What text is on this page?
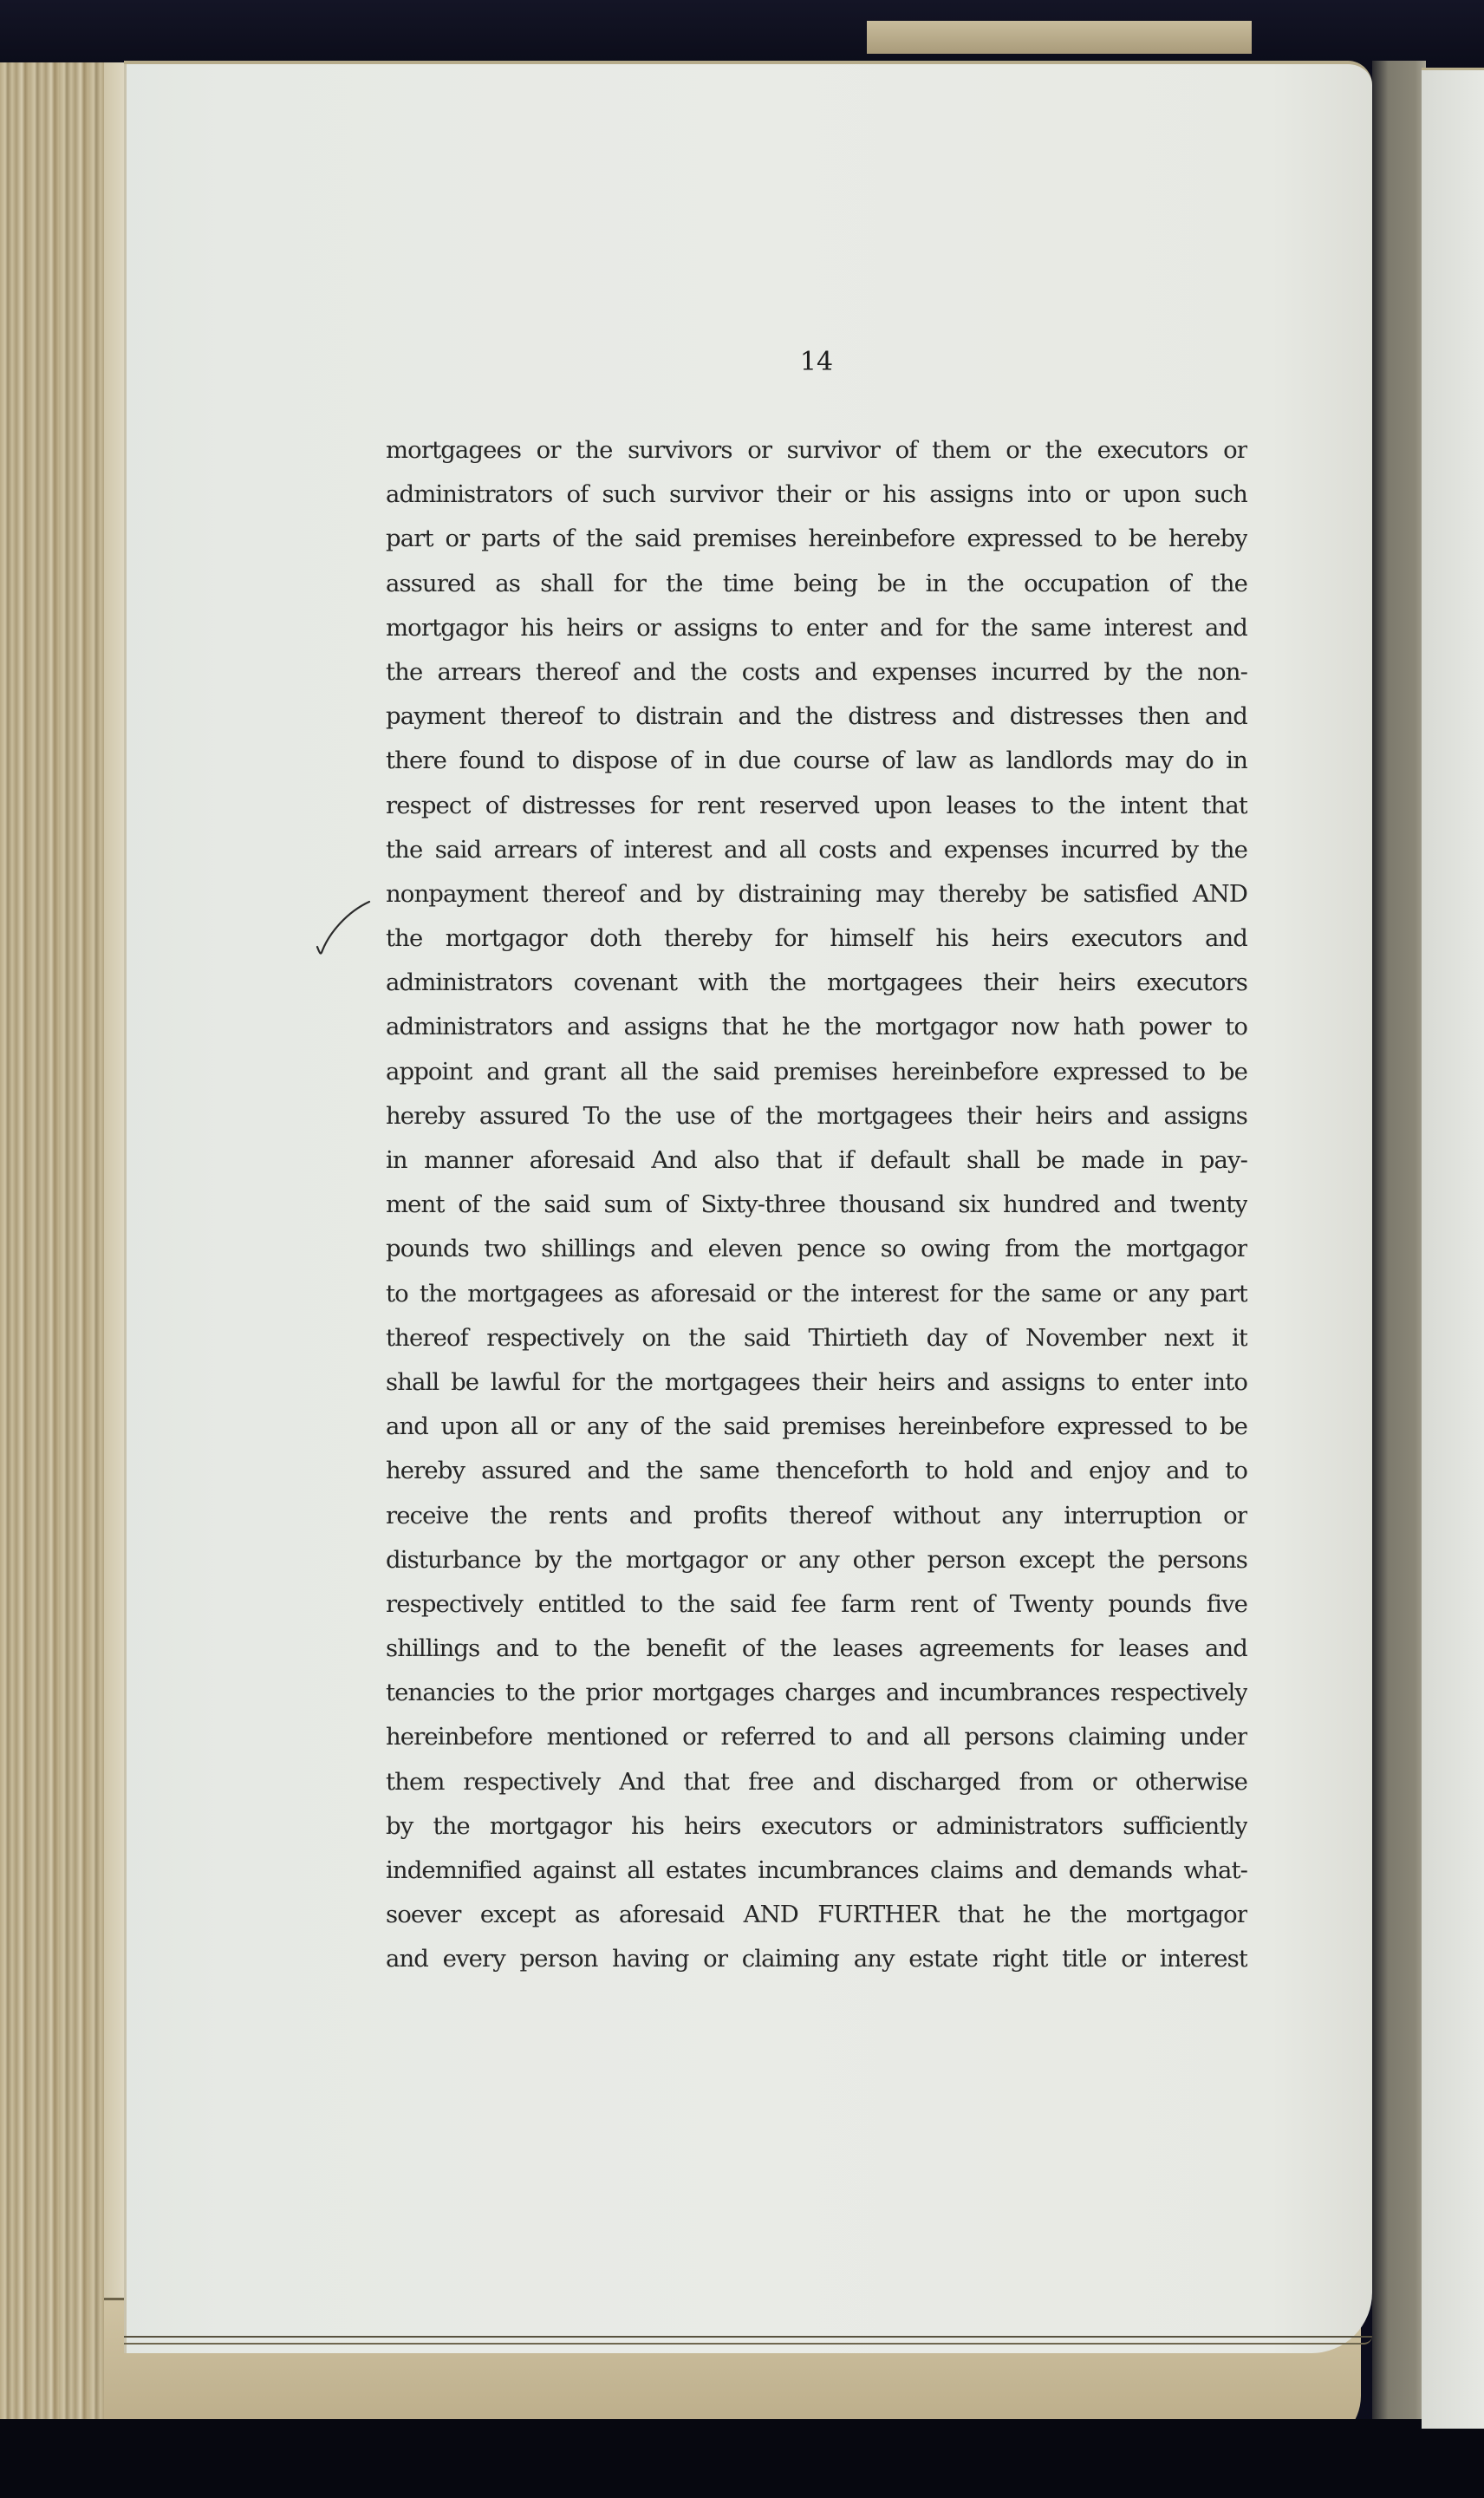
14
mortgagees or the survivors or survivor of them or the executors or
administrators of such survivor their or his assigns into or upon such
part or parts of the said premises hereinbefore expressed to be hereby
assured as shall for the time being be in the occupation of the
mortgagor his heirs or assigns to enter and for the same interest and
the arrears thereof and the costs and expenses incurred by the non-
payment thereof to distrain and the distress and distresses then and
there found to dispose of in due course of law as landlords may do in
respect of distresses for rent reserved upon leases to the intent that
the said arrears of interest and all costs and expenses incurred by the
nonpayment thereof and by distraining may thereby be satisfied AND
the mortgagor doth thereby for himself his heirs executors and
administrators covenant with the mortgagees their heirs executors
administrators and assigns that he the mortgagor now hath power to
appoint and grant all the said premises hereinbefore expressed to be
hereby assured To the use of the mortgagees their heirs and assigns
in manner aforesaid And also that if default shall be made in pay-
ment of the said sum of Sixty-three thousand six hundred and twenty
pounds two shillings and eleven pence so owing from the mortgagor
to the mortgagees as aforesaid or the interest for the same or any part
thereof respectively on the said Thirtieth day of November next it
shall be lawful for the mortgagees their heirs and assigns to enter into
and upon all or any of the said premises hereinbefore expressed to be
hereby assured and the same thenceforth to hold and enjoy and to
receive the rents and profits thereof without any interruption or
disturbance by the mortgagor or any other person except the persons
respectively entitled to the said fee farm rent of Twenty pounds five
shillings and to the benefit of the leases agreements for leases and
tenancies to the prior mortgages charges and incumbrances respectively
hereinbefore mentioned or referred to and all persons claiming under
them respectively And that free and discharged from or otherwise
by the mortgagor his heirs executors or administrators sufficiently
indemnified against all estates incumbrances claims and demands what-
soever except as aforesaid AND FURTHER that he the mortgagor
and every person having or claiming any estate right title or interest
